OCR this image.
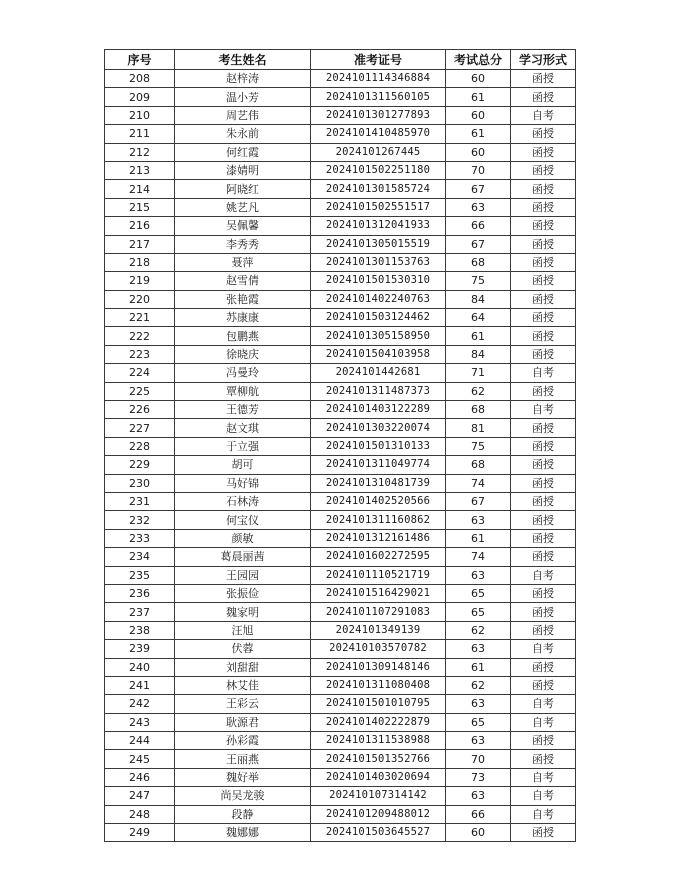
序号	考生姓名	准考证号	考试总分	学习形式
208	赵梓涛	2024101114346884	60	函授
209	温小芳	2024101311560105	61	函授
210	周艺伟	2024101301277893	60	自考
211	朱永前	2024101410485970	61	函授
212	何红霞	2024101267445	60	函授
213	漆婧明	2024101502251180	70	函授
214	阿晓红	2024101301585724	67	函授
215	姚艺凡	2024101502551517	63	函授
216	吴佩馨	2024101312041933	66	函授
217	李秀秀	2024101305015519	67	函授
218	聂萍	2024101301153763	68	函授
219	赵雪倩	2024101501530310	75	函授
220	张艳霞	2024101402240763	84	函授
221	苏康康	2024101503124462	64	函授
222	包鹏燕	2024101305158950	61	函授
223	徐晓庆	2024101504103958	84	函授
224	冯曼玲	2024101442681	71	自考
225	覃柳航	2024101311487373	62	函授
226	王德芳	2024101403122289	68	自考
227	赵文琪	2024101303220074	81	函授
228	于立强	2024101501310133	75	函授
229	胡可	2024101311049774	68	函授
230	马好锦	2024101310481739	74	函授
231	石林涛	2024101402520566	67	函授
232	何宝仪	2024101311160862	63	函授
233	颜敏	2024101312161486	61	函授
234	葛晨丽茜	2024101602272595	74	函授
235	王园园	2024101110521719	63	自考
236	张振俭	2024101516429021	65	函授
237	魏家明	2024101107291083	65	函授
238	汪旭	2024101349139	62	函授
239	伏蓉	202410103570782	63	自考
240	刘甜甜	2024101309148146	61	函授
241	林艾佳	2024101311080408	62	函授
242	王彩云	2024101501010795	63	自考
243	耿源君	2024101402222879	65	自考
244	孙彩霞	2024101311538988	63	函授
245	王丽燕	2024101501352766	70	函授
246	魏好举	2024101403020694	73	自考
247	尚吴龙骏	202410107314142	63	自考
248	段静	2024101209488012	66	自考
249	魏娜娜	2024101503645527	60	函授
